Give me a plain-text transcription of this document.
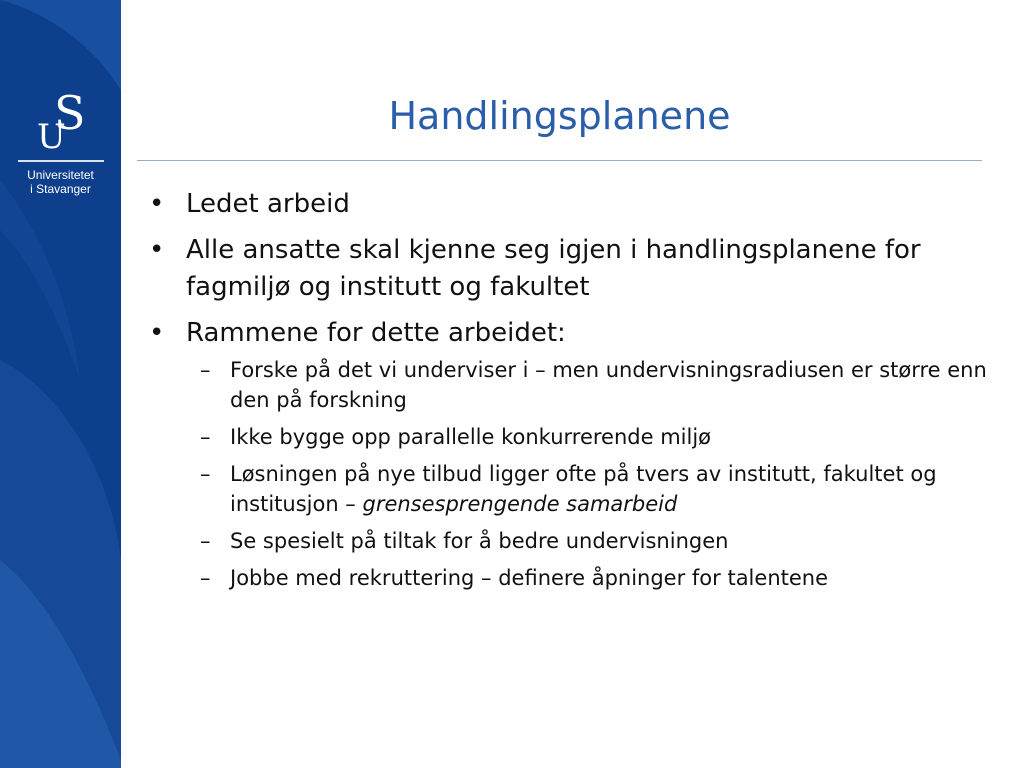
U
S
Universitetet
i Stavanger
Handlingsplanene
• Ledet arbeid
• Alle ansatte skal kjenne seg igjen i handlingsplanene for fagmiljø og institutt og fakultet
• Rammene for dette arbeidet:
– Forske på det vi underviser i – men undervisningsradiusen er større enn den på forskning
– Ikke bygge opp parallelle konkurrerende miljø
– Løsningen på nye tilbud ligger ofte på tvers av institutt, fakultet og institusjon – grensesprengende samarbeid
– Se spesielt på tiltak for å bedre undervisningen
– Jobbe med rekruttering – definere åpninger for talentene
